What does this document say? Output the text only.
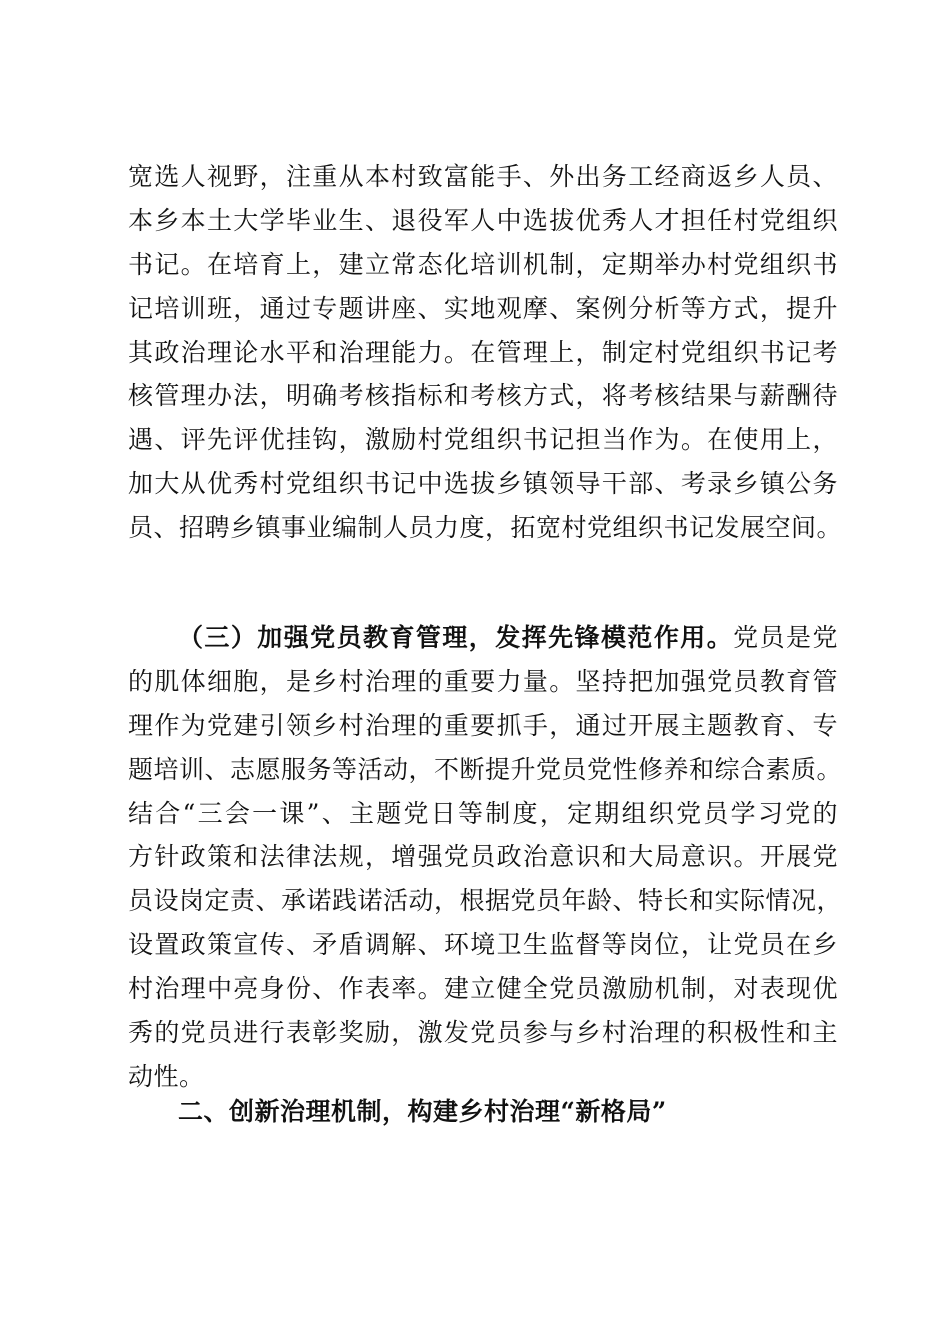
宽选人视野，注重从本村致富能手、外出务工经商返乡人员、
本乡本土大学毕业生、退役军人中选拔优秀人才担任村党组织
书记。在培育上，建立常态化培训机制，定期举办村党组织书
记培训班，通过专题讲座、实地观摩、案例分析等方式，提升
其政治理论水平和治理能力。在管理上，制定村党组织书记考
核管理办法，明确考核指标和考核方式，将考核结果与薪酬待
遇、评先评优挂钩，激励村党组织书记担当作为。在使用上，
加大从优秀村党组织书记中选拔乡镇领导干部、考录乡镇公务
员、招聘乡镇事业编制人员力度，拓宽村党组织书记发展空间。
（三）加强党员教育管理，发挥先锋模范作用。党员是党
的肌体细胞，是乡村治理的重要力量。坚持把加强党员教育管
理作为党建引领乡村治理的重要抓手，通过开展主题教育、专
题培训、志愿服务等活动，不断提升党员党性修养和综合素质。
结合“三会一课”、主题党日等制度，定期组织党员学习党的
方针政策和法律法规，增强党员政治意识和大局意识。开展党
员设岗定责、承诺践诺活动，根据党员年龄、特长和实际情况，
设置政策宣传、矛盾调解、环境卫生监督等岗位，让党员在乡
村治理中亮身份、作表率。建立健全党员激励机制，对表现优
秀的党员进行表彰奖励，激发党员参与乡村治理的积极性和主
动性。
二、创新治理机制，构建乡村治理“新格局”
